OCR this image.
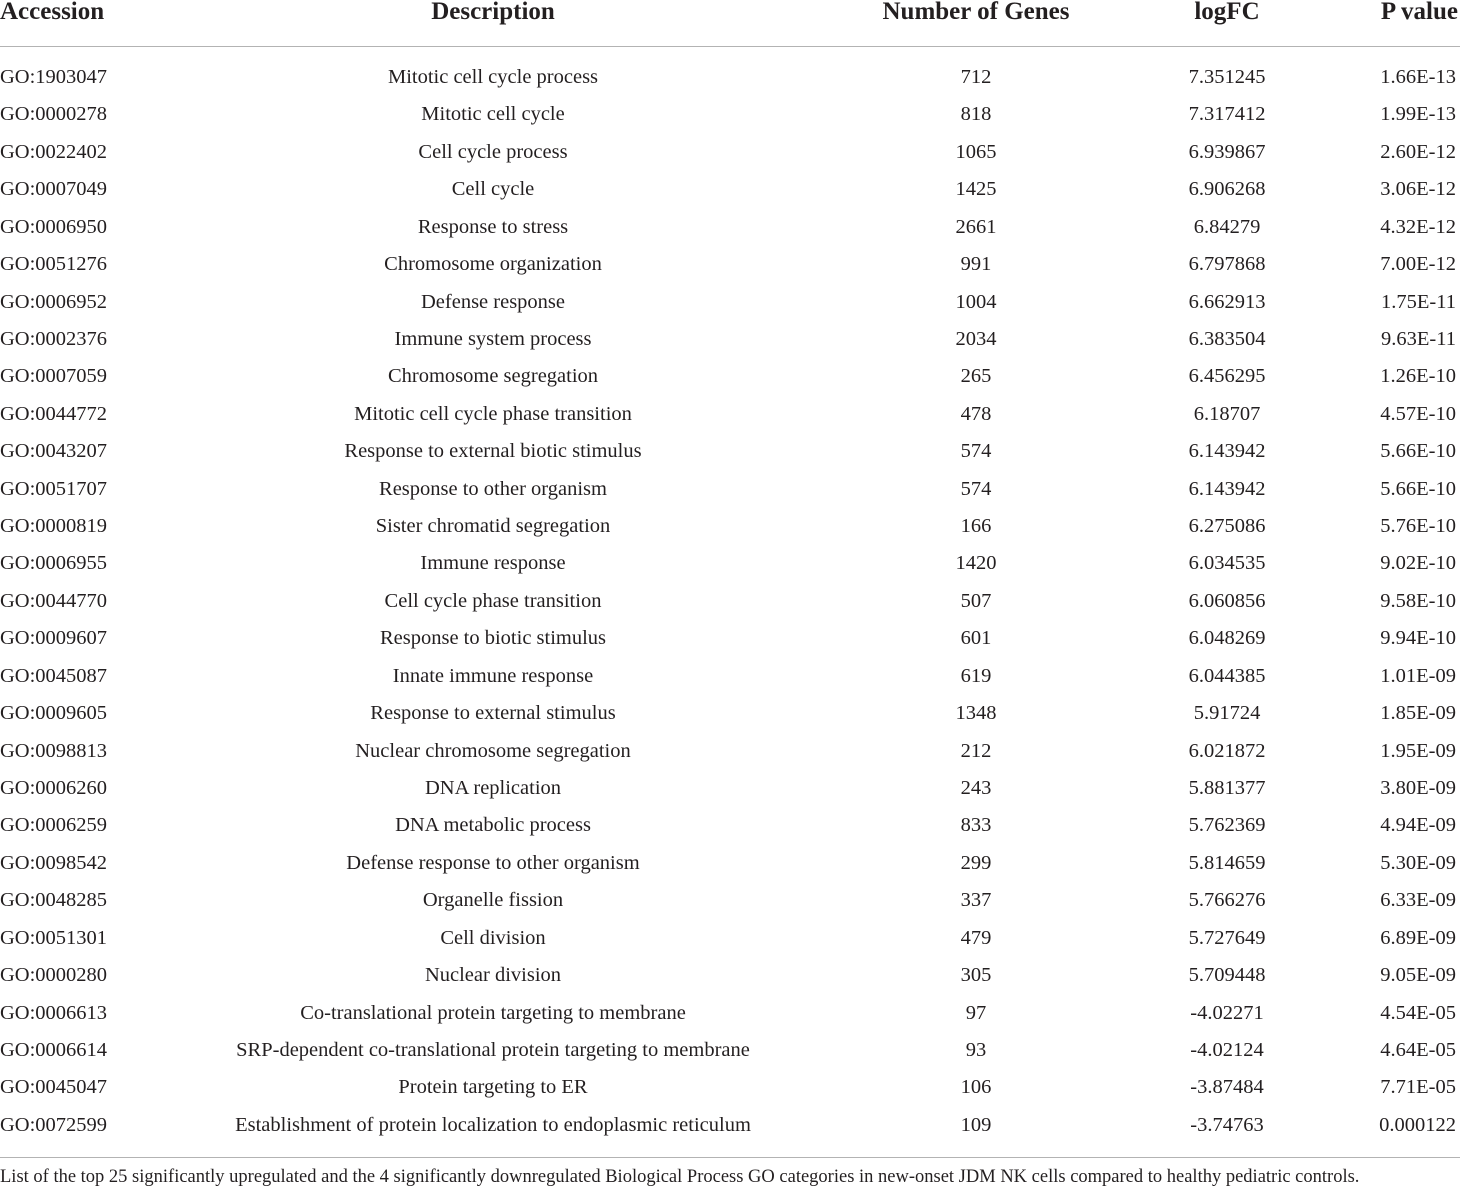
Accession	Description	Number of Genes	logFC	P value
GO:1903047	Mitotic cell cycle process	712	7.351245	1.66E-13
GO:0000278	Mitotic cell cycle	818	7.317412	1.99E-13
GO:0022402	Cell cycle process	1065	6.939867	2.60E-12
GO:0007049	Cell cycle	1425	6.906268	3.06E-12
GO:0006950	Response to stress	2661	6.84279	4.32E-12
GO:0051276	Chromosome organization	991	6.797868	7.00E-12
GO:0006952	Defense response	1004	6.662913	1.75E-11
GO:0002376	Immune system process	2034	6.383504	9.63E-11
GO:0007059	Chromosome segregation	265	6.456295	1.26E-10
GO:0044772	Mitotic cell cycle phase transition	478	6.18707	4.57E-10
GO:0043207	Response to external biotic stimulus	574	6.143942	5.66E-10
GO:0051707	Response to other organism	574	6.143942	5.66E-10
GO:0000819	Sister chromatid segregation	166	6.275086	5.76E-10
GO:0006955	Immune response	1420	6.034535	9.02E-10
GO:0044770	Cell cycle phase transition	507	6.060856	9.58E-10
GO:0009607	Response to biotic stimulus	601	6.048269	9.94E-10
GO:0045087	Innate immune response	619	6.044385	1.01E-09
GO:0009605	Response to external stimulus	1348	5.91724	1.85E-09
GO:0098813	Nuclear chromosome segregation	212	6.021872	1.95E-09
GO:0006260	DNA replication	243	5.881377	3.80E-09
GO:0006259	DNA metabolic process	833	5.762369	4.94E-09
GO:0098542	Defense response to other organism	299	5.814659	5.30E-09
GO:0048285	Organelle fission	337	5.766276	6.33E-09
GO:0051301	Cell division	479	5.727649	6.89E-09
GO:0000280	Nuclear division	305	5.709448	9.05E-09
GO:0006613	Co-translational protein targeting to membrane	97	-4.02271	4.54E-05
GO:0006614	SRP-dependent co-translational protein targeting to membrane	93	-4.02124	4.64E-05
GO:0045047	Protein targeting to ER	106	-3.87484	7.71E-05
GO:0072599	Establishment of protein localization to endoplasmic reticulum	109	-3.74763	0.000122
List of the top 25 significantly upregulated and the 4 significantly downregulated Biological Process GO categories in new-onset JDM NK cells compared to healthy pediatric controls.
